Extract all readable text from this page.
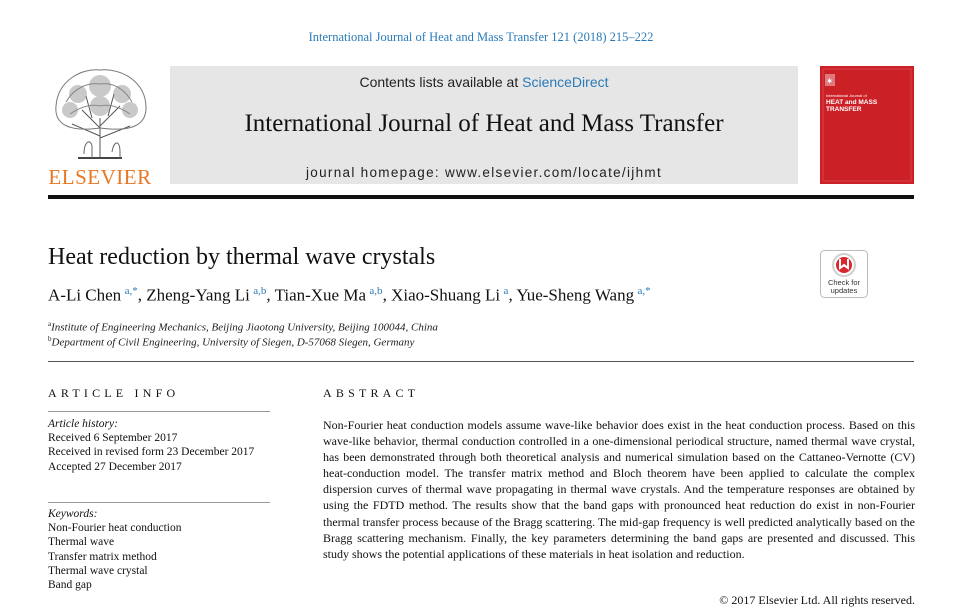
International Journal of Heat and Mass Transfer 121 (2018) 215–222
ELSEVIER
Contents lists available at ScienceDirect
International Journal of Heat and Mass Transfer
journal homepage: www.elsevier.com/locate/ijhmt
✱
International Journal of
HEAT and MASS TRANSFER
Heat reduction by thermal wave crystals
Check for
updates
A-Li Chen  $^{a,*}$, Zheng-Yang Li  $^{a,b}$, Tian-Xue Ma  $^{a,b}$, Xiao-Shuang Li  $^a$, Yue-Sheng Wang  $^{a,*}$
$^a$Institute of Engineering Mechanics, Beijing Jiaotong University, Beijing 100044, China
$^b$Department of Civil Engineering, University of Siegen, D-57068 Siegen, Germany
ARTICLE INFO	ABSTRACT
Article history:
Received 6 September 2017
Received in revised form 23 December 2017
Accepted 27 December 2017
Keywords:
Non-Fourier heat conduction
Thermal wave
Transfer matrix method
Thermal wave crystal
Band gap
Non-Fourier heat conduction models assume wave-like behavior does exist in the heat conduction process. Based on this wave-like behavior, thermal conduction controlled in a one-dimensional periodical structure, named thermal wave crystal, has been demonstrated through both theoretical analysis and numerical simulation based on the Cattaneo-Vernotte (CV) heat-conduction model. The transfer matrix method and Bloch theorem have been applied to calculate the complex dispersion curves of thermal wave propagating in thermal wave crystals. And the temperature responses are obtained by using the FDTD method. The results show that the band gaps with pronounced heat reduction do exist in non-Fourier thermal transfer process because of the Bragg scattering. The mid-gap frequency is well predicted analytically based on the Bragg scattering mechanism. Finally, the key parameters determining the band gaps are presented and discussed. This study shows the potential applications of these materials in heat isolation and reduction.
© 2017 Elsevier Ltd. All rights reserved.
